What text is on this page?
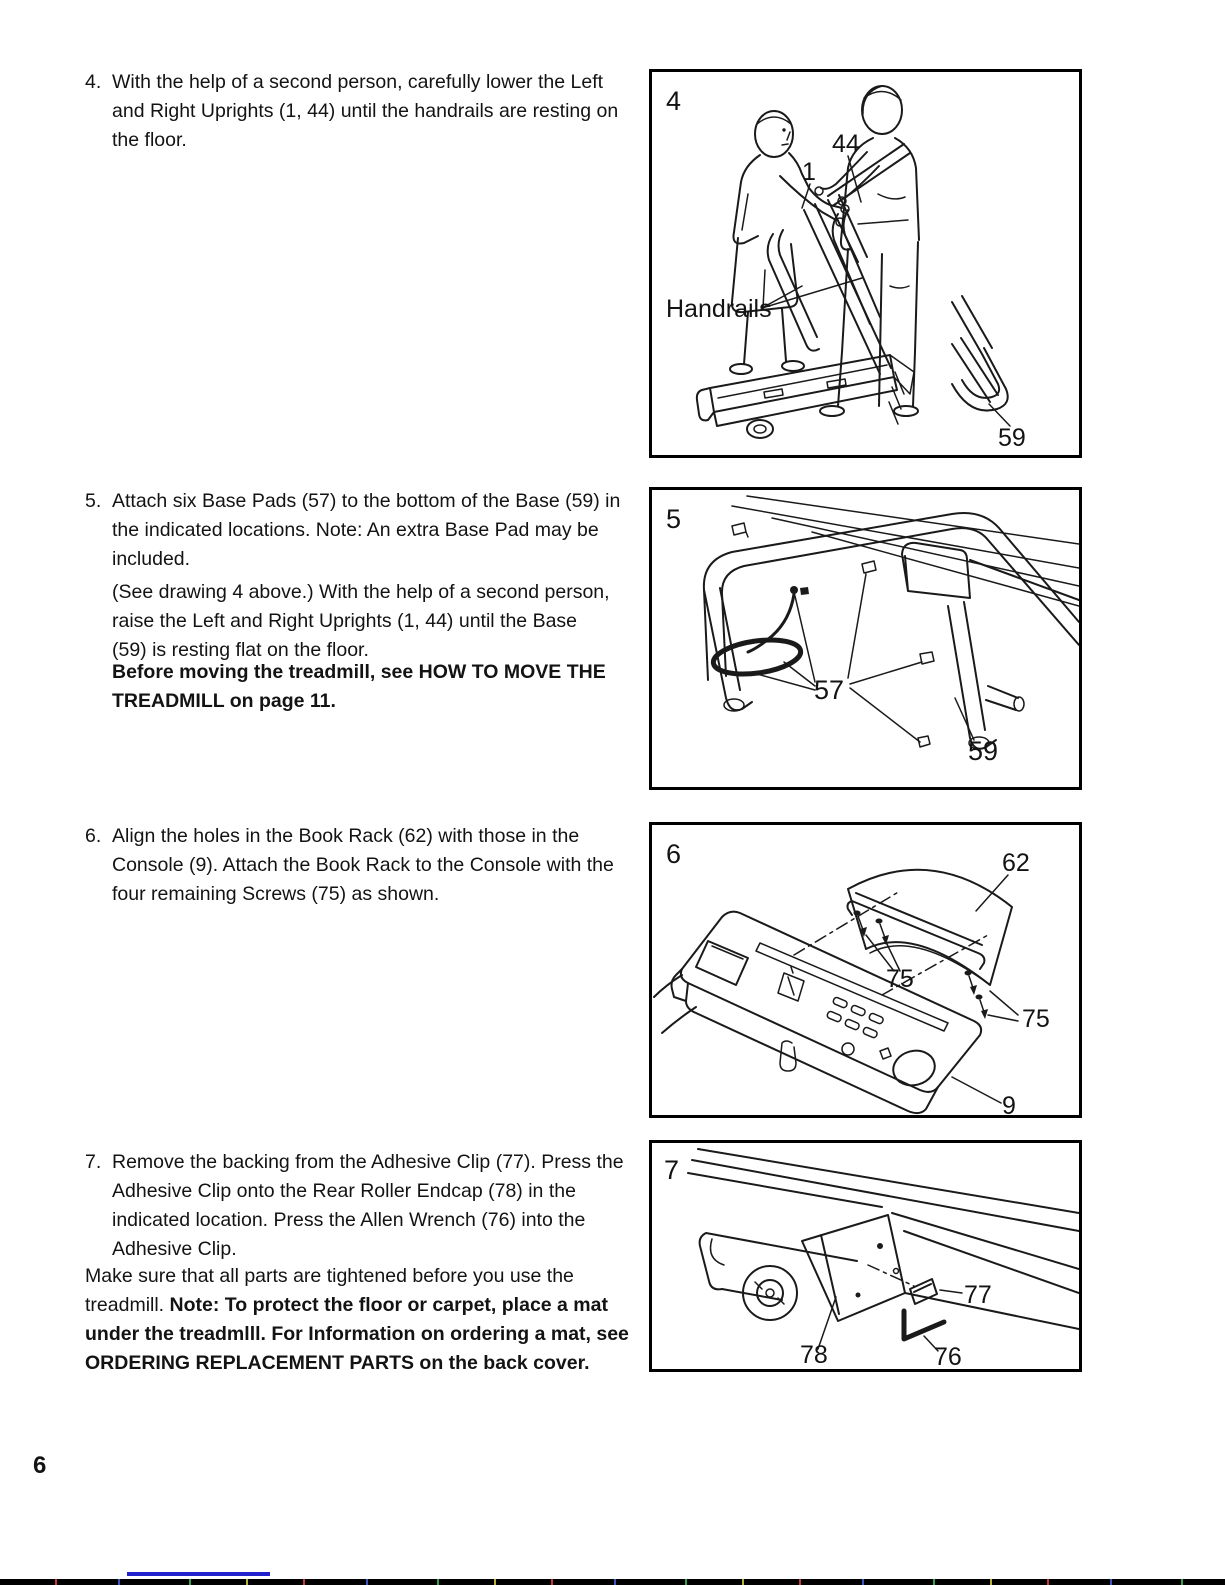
4. With the help of a second person, carefully lower the Left and Right Uprights (1, 44) until the handrails are resting on the floor.
5. Attach six Base Pads (57) to the bottom of the Base (59) in the indicated locations. Note: An extra Base Pad may be included.
(See drawing 4 above.) With the help of a second person, raise the Left and Right Uprights (1, 44) until the Base (59) is resting flat on the floor.
Before moving the treadmill, see HOW TO MOVE THE TREADMILL on page 11.
6. Align the holes in the Book Rack (62) with those in the Console (9). Attach the Book Rack to the Console with the four remaining Screws (75) as shown.
7. Remove the backing from the Adhesive Clip (77). Press the Adhesive Clip onto the Rear Roller Endcap (78) in the indicated location. Press the Allen Wrench (76) into the Adhesive Clip.
Make sure that all parts are tightened before you use the treadmill. Note: To protect the floor or carpet, place a mat under the treadmlll. For Information on ordering a mat, see ORDERING REPLACEMENT PARTS on the back cover.
6
4
44
1
Handrails
59
5
57
59
6	62
75
75
9
7
77
78	76
